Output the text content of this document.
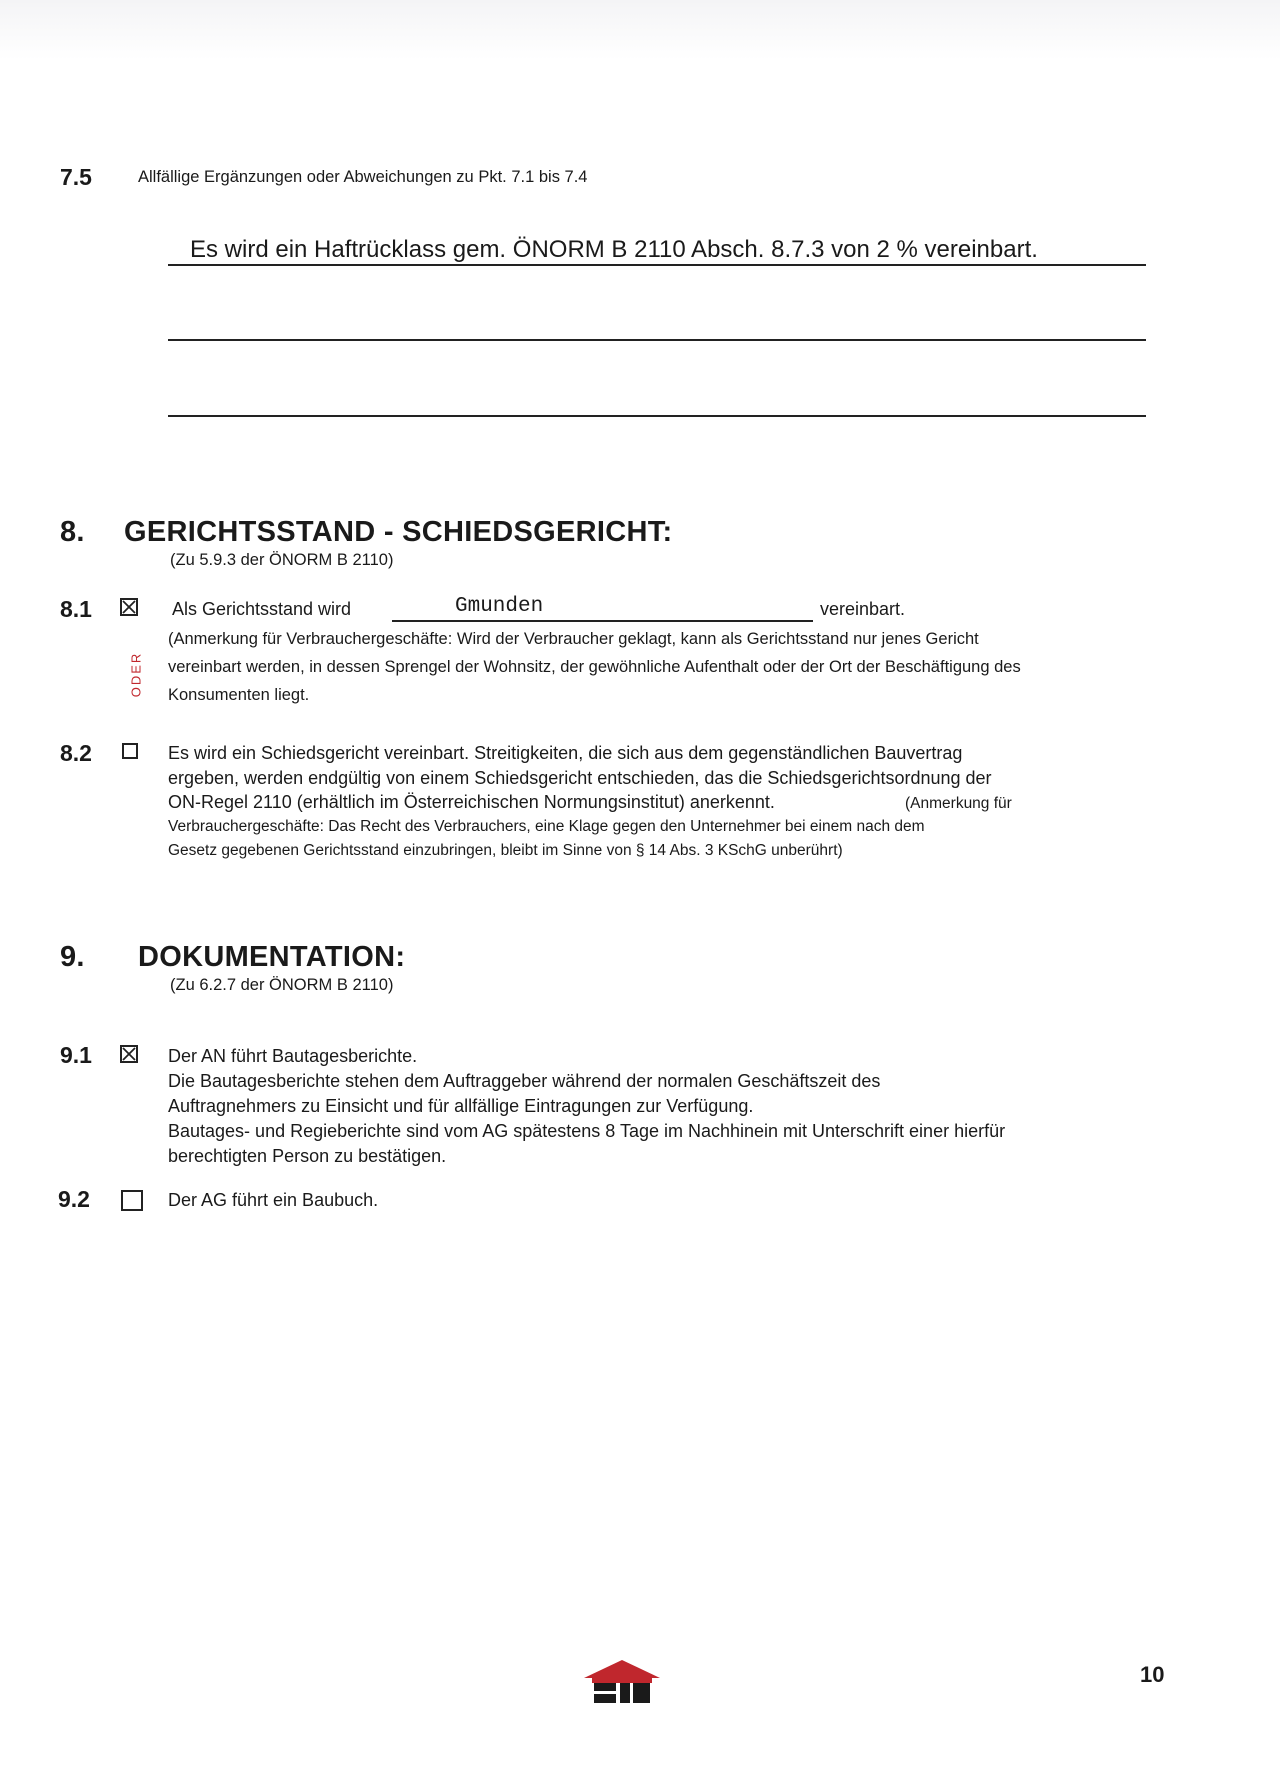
7.5	Allfällige Ergänzungen oder Abweichungen zu Pkt. 7.1 bis 7.4
Es wird ein Haftrücklass gem. ÖNORM B 2110 Absch. 8.7.3 von 2 % vereinbart.
8. GERICHTSSTAND - SCHIEDSGERICHT:
(Zu 5.9.3 der ÖNORM B 2110)
8.1	Als Gerichtsstand wird	Gmunden	vereinbart.
ODER
(Anmerkung für Verbrauchergeschäfte: Wird der Verbraucher geklagt, kann als Gerichtsstand nur jenes Gericht
vereinbart werden, in dessen Sprengel der Wohnsitz, der gewöhnliche Aufenthalt oder der Ort der Beschäftigung des
Konsumenten liegt.
8.2	Es wird ein Schiedsgericht vereinbart. Streitigkeiten, die sich aus dem gegenständlichen Bauvertrag
ergeben, werden endgültig von einem Schiedsgericht entschieden, das die Schiedsgerichtsordnung der
ON-Regel 2110 (erhältlich im Österreichischen Normungsinstitut) anerkennt.	(Anmerkung für
Verbrauchergeschäfte: Das Recht des Verbrauchers, eine Klage gegen den Unternehmer bei einem nach dem
Gesetz gegebenen Gerichtsstand einzubringen, bleibt im Sinne von § 14 Abs. 3 KSchG unberührt)
9. DOKUMENTATION:
(Zu 6.2.7 der ÖNORM B 2110)
9.1	Der AN führt Bautagesberichte.
Die Bautagesberichte stehen dem Auftraggeber während der normalen Geschäftszeit des
Auftragnehmers zu Einsicht und für allfällige Eintragungen zur Verfügung.
Bautages- und Regieberichte sind vom AG spätestens 8 Tage im Nachhinein mit Unterschrift einer hierfür
berechtigten Person zu bestätigen.
9.2	Der AG führt ein Baubuch.
10
